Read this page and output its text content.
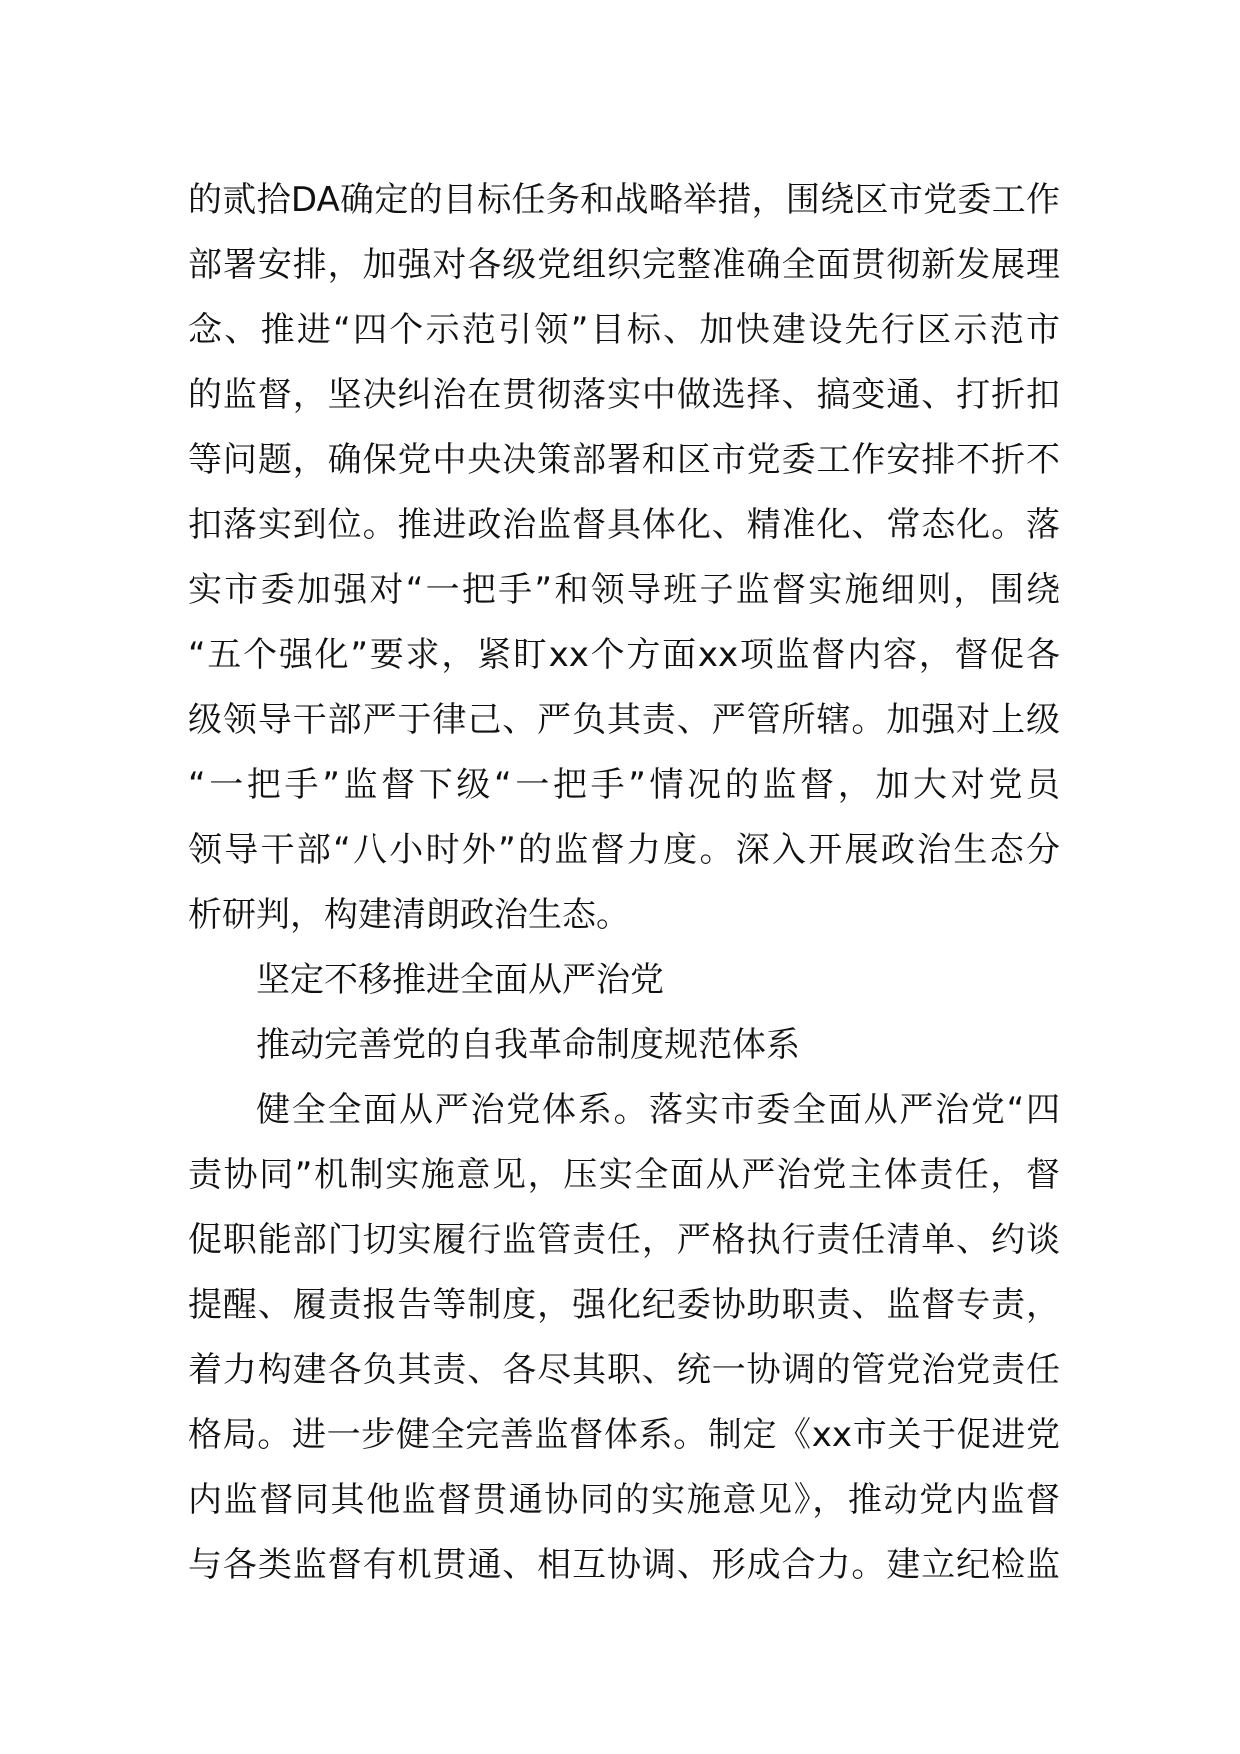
的贰拾DA确定的目标任务和战略举措，围绕区市党委工作
部署安排，加强对各级党组织完整准确全面贯彻新发展理
念、推进“四个示范引领”目标、加快建设先行区示范市
的监督，坚决纠治在贯彻落实中做选择、搞变通、打折扣
等问题，确保党中央决策部署和区市党委工作安排不折不
扣落实到位。推进政治监督具体化、精准化、常态化。落
实市委加强对“一把手”和领导班子监督实施细则，围绕
“五个强化”要求，紧盯xx个方面xx项监督内容，督促各
级领导干部严于律己、严负其责、严管所辖。加强对上级
“一把手”监督下级“一把手”情况的监督，加大对党员
领导干部“八小时外”的监督力度。深入开展政治生态分
析研判，构建清朗政治生态。
坚定不移推进全面从严治党
推动完善党的自我革命制度规范体系
健全全面从严治党体系。落实市委全面从严治党“四
责协同”机制实施意见，压实全面从严治党主体责任，督
促职能部门切实履行监管责任，严格执行责任清单、约谈
提醒、履责报告等制度，强化纪委协助职责、监督专责，
着力构建各负其责、各尽其职、统一协调的管党治党责任
格局。进一步健全完善监督体系。制定《xx市关于促进党
内监督同其他监督贯通协同的实施意见》，推动党内监督
与各类监督有机贯通、相互协调、形成合力。建立纪检监
